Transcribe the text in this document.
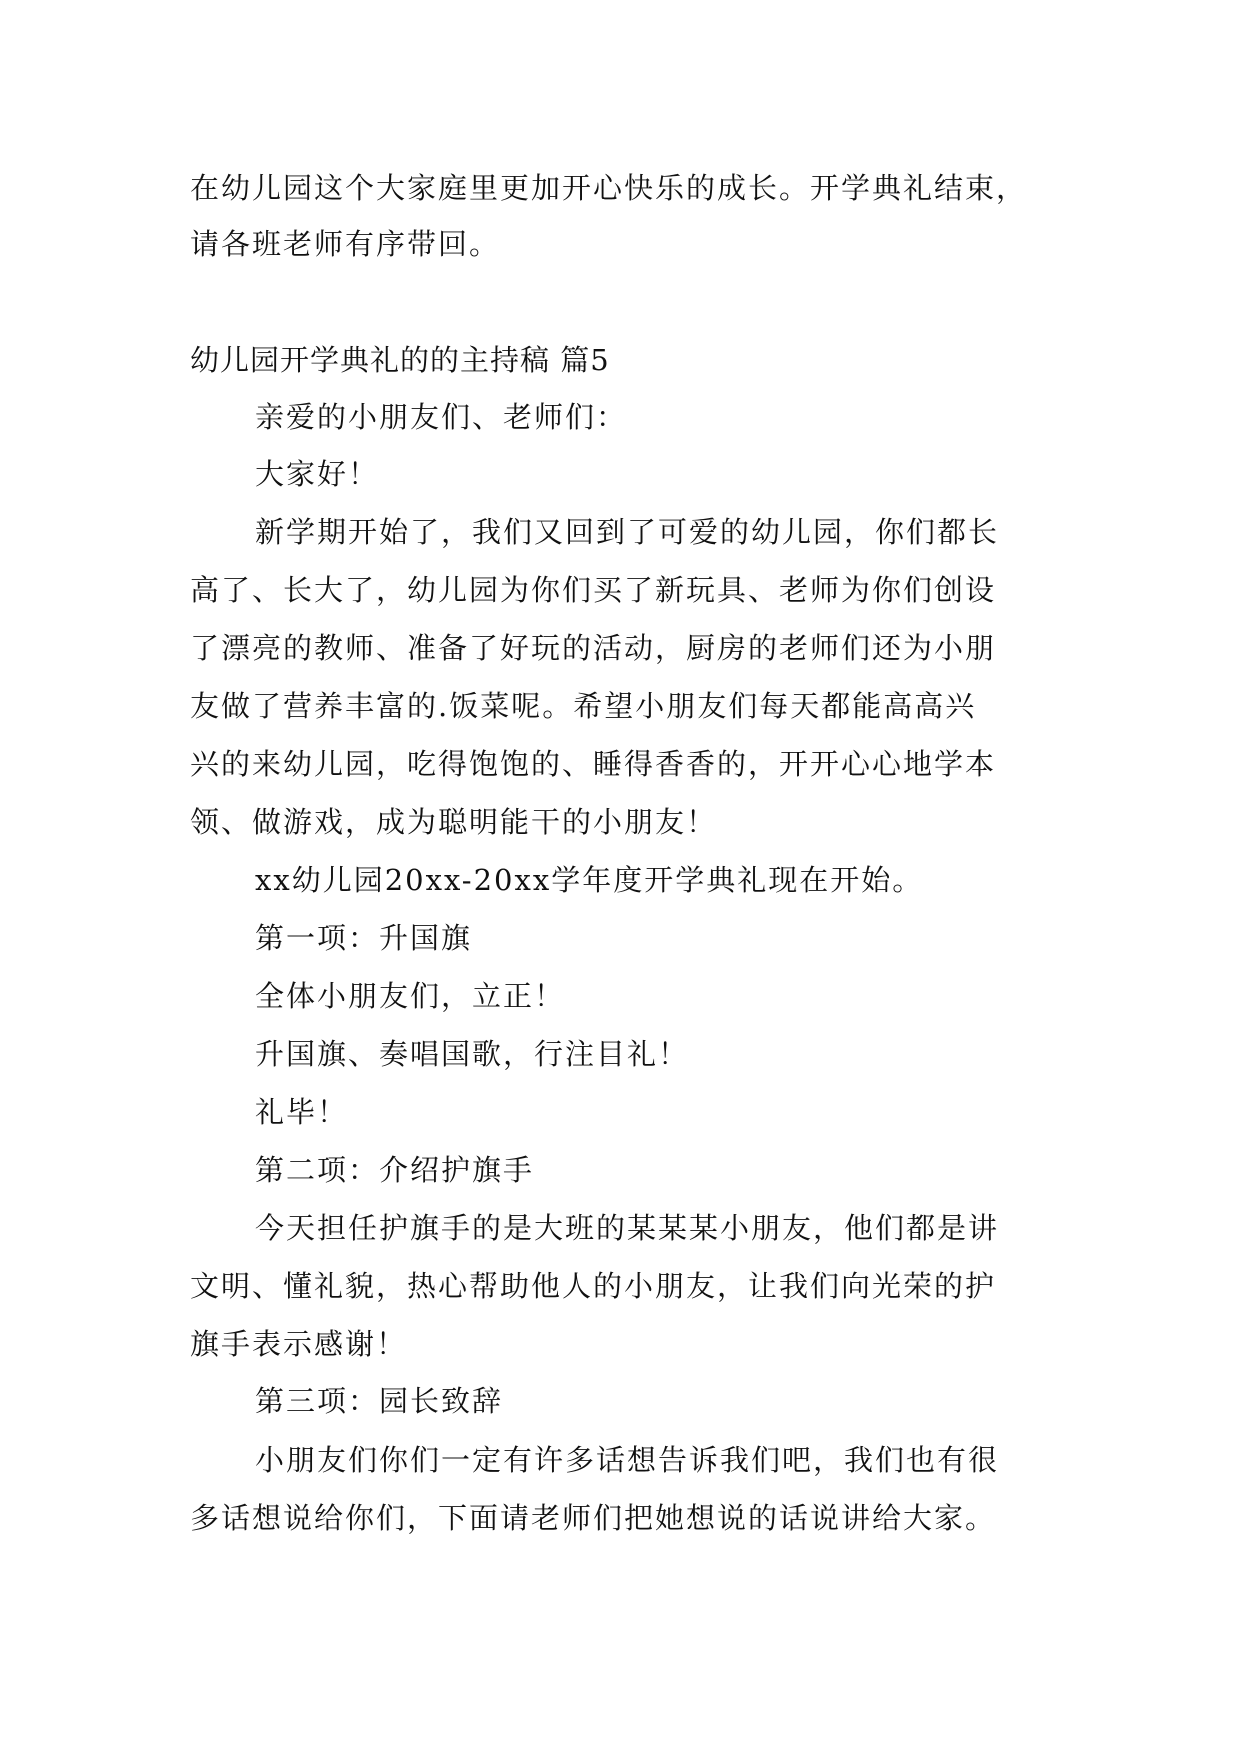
在幼儿园这个大家庭里更加开心快乐的成长。开学典礼结束，
请各班老师有序带回。
幼儿园开学典礼的的主持稿 篇5
亲爱的小朋友们、老师们：
大家好！
新学期开始了，我们又回到了可爱的幼儿园，你们都长
高了、长大了，幼儿园为你们买了新玩具、老师为你们创设
了漂亮的教师、准备了好玩的活动，厨房的老师们还为小朋
友做了营养丰富的.饭菜呢。希望小朋友们每天都能高高兴
兴的来幼儿园，吃得饱饱的、睡得香香的，开开心心地学本
领、做游戏，成为聪明能干的小朋友！
xx幼儿园20xx-20xx学年度开学典礼现在开始。
第一项：升国旗
全体小朋友们，立正！
升国旗、奏唱国歌，行注目礼！
礼毕！
第二项：介绍护旗手
今天担任护旗手的是大班的某某某小朋友，他们都是讲
文明、懂礼貌，热心帮助他人的小朋友，让我们向光荣的护
旗手表示感谢！
第三项：园长致辞
小朋友们你们一定有许多话想告诉我们吧，我们也有很
多话想说给你们，下面请老师们把她想说的话说讲给大家。
